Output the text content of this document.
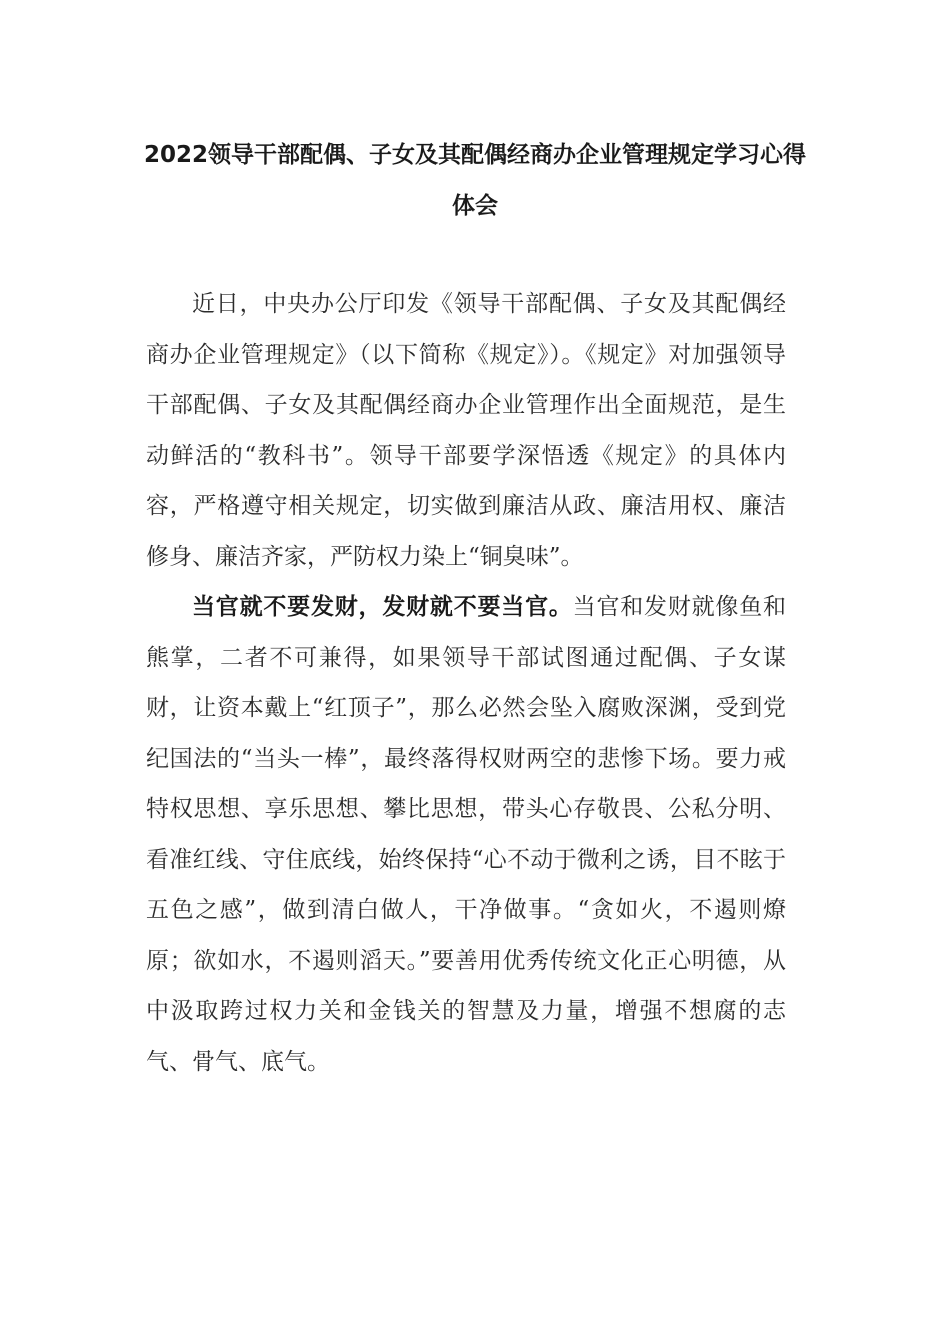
2022领导干部配偶、子女及其配偶经商办企业管理规定学习心得体会

近日，中央办公厅印发《领导干部配偶、子女及其配偶经商办企业管理规定》（以下简称《规定》）。《规定》对加强领导干部配偶、子女及其配偶经商办企业管理作出全面规范，是生动鲜活的“教科书”。领导干部要学深悟透《规定》的具体内容，严格遵守相关规定，切实做到廉洁从政、廉洁用权、廉洁修身、廉洁齐家，严防权力染上“铜臭味”。

当官就不要发财，发财就不要当官。当官和发财就像鱼和熊掌，二者不可兼得，如果领导干部试图通过配偶、子女谋财，让资本戴上“红顶子”，那么必然会坠入腐败深渊，受到党纪国法的“当头一棒”，最终落得权财两空的悲惨下场。要力戒特权思想、享乐思想、攀比思想，带头心存敬畏、公私分明、看准红线、守住底线，始终保持“心不动于微利之诱，目不眩于五色之感”，做到清白做人，干净做事。“贪如火，不遏则燎原；欲如水，不遏则滔天。”要善用优秀传统文化正心明德，从中汲取跨过权力关和金钱关的智慧及力量，增强不想腐的志气、骨气、底气。
